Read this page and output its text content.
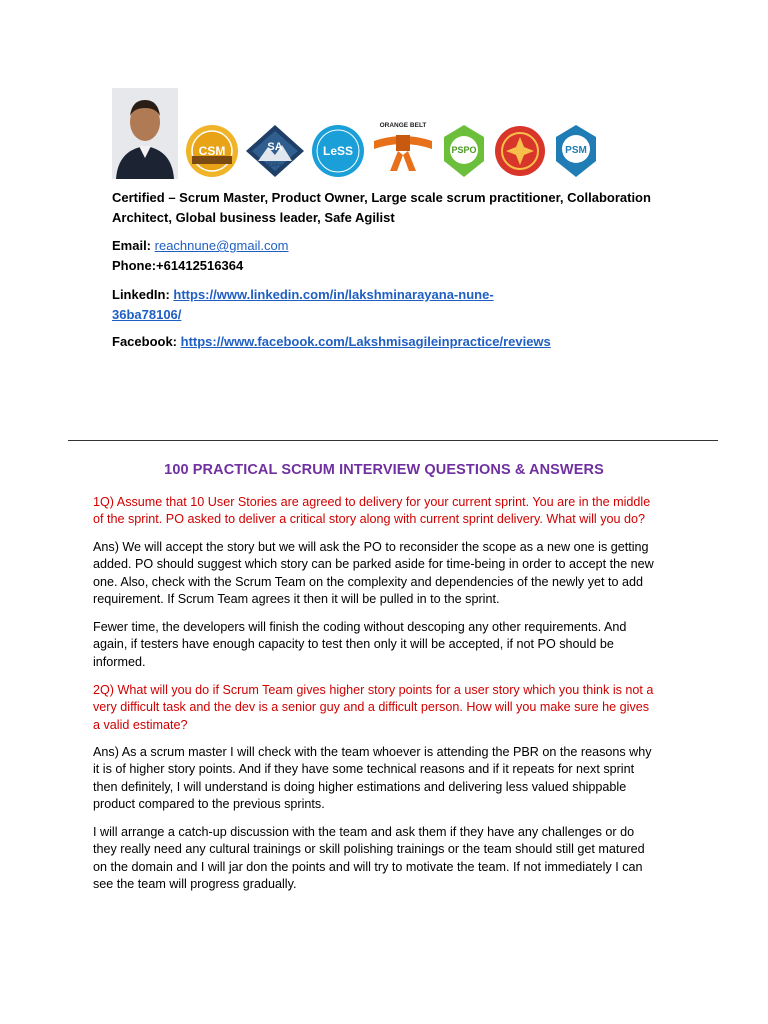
CSM	SA
SAFe
LeSS
ORANGE BELT
PSPO	PSM
Certified – Scrum Master, Product Owner, Large scale scrum practitioner, Collaboration
Architect, Global business leader, Safe Agilist
Email: reachnune@gmail.com
Phone:+61412516364
LinkedIn: https://www.linkedin.com/in/lakshminarayana-nune-
36ba78106/
Facebook: https://www.facebook.com/Lakshmisagileinpractice/reviews
100 PRACTICAL SCRUM INTERVIEW QUESTIONS & ANSWERS
1Q) Assume that 10 User Stories are agreed to delivery for your current sprint. You are in the middle
of the sprint. PO asked to deliver a critical story along with current sprint delivery. What will you do?
Ans) We will accept the story but we will ask the PO to reconsider the scope as a new one is getting
added. PO should suggest which story can be parked aside for time-being in order to accept the new
one. Also, check with the Scrum Team on the complexity and dependencies of the newly yet to add
requirement. If Scrum Team agrees it then it will be pulled in to the sprint.
Fewer time, the developers will finish the coding without descoping any other requirements. And
again, if testers have enough capacity to test then only it will be accepted, if not PO should be
informed.
2Q) What will you do if Scrum Team gives higher story points for a user story which you think is not a
very difficult task and the dev is a senior guy and a difficult person. How will you make sure he gives
a valid estimate?
Ans) As a scrum master I will check with the team whoever is attending the PBR on the reasons why
it is of higher story points. And if they have some technical reasons and if it repeats for next sprint
then definitely, I will understand is doing higher estimations and delivering less valued shippable
product compared to the previous sprints.
I will arrange a catch-up discussion with the team and ask them if they have any challenges or do
they really need any cultural trainings or skill polishing trainings or the team should still get matured
on the domain and I will jar don the points and will try to motivate the team. If not immediately I can
see the team will progress gradually.
